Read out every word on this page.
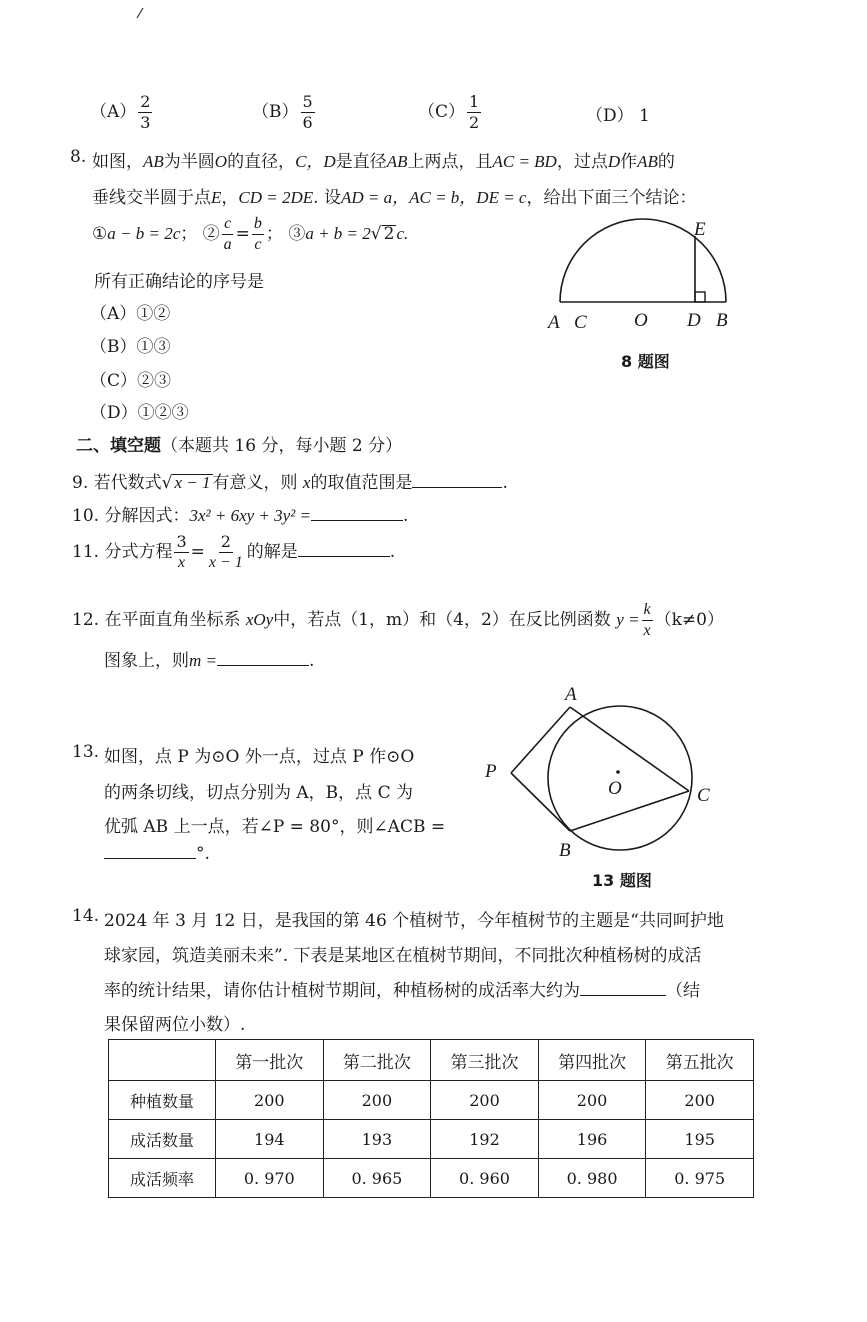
$(A) \frac{2}{3}$	$(B) \frac{5}{6}$	$(C) \frac{1}{2}$	（D） 1
8. 如图，AB为半圆O的直径，C，D是直径AB上两点，且AC = BD，过点D作AB的
垂线交半圆于点E，CD = 2DE. 设AD = a，AC = b，DE = c，给出下面三个结论：
①a − b = 2c； ② $\frac{c}{a} = \frac{b}{c}$ ； ③a + b = 2√ 2 c.
所有正确结论的序号是
（A）①②
（B）①③
（C）②③
（D）①②③
A C O D B
E
8 题图
二、填空题（本题共 16 分，每小题 2 分）
9. 若代数式√ x − 1 有意义，则 x的取值范围是	.
10. 分解因式：3x² + 6xy + 3y² =	.
11. 分式方程 $\frac{3}{x} = \frac{2}{x - 1}$ 的解是	.
12. 在平面直角坐标系 xOy中，若点（1，m）和（4，2）在反比例函数 $y = \frac{k}{x} (k\ne 0)$
图象上，则m =	.
13. 如图，点 P 为⊙O 外一点，过点 P 作⊙O
的两条切线，切点分别为 A，B，点 C 为
优弧 AB 上一点，若∠P = 80°，则∠ACB =
°.
A
B
C
P
O
13 题图
14. 2024 年 3 月 12 日，是我国的第 46 个植树节，今年植树节的主题是“共同呵护地
球家园，筑造美丽未来”. 下表是某地区在植树节期间，不同批次种植杨树的成活
率的统计结果，请你估计植树节期间，种植杨树的成活率大约为	（结
果保留两位小数）.
	第一批次	第二批次	第三批次	第四批次	第五批次
种植数量	200	200	200	200	200
成活数量	194	193	192	196	195
成活频率	0. 970	0. 965	0. 960	0. 980	0. 975
